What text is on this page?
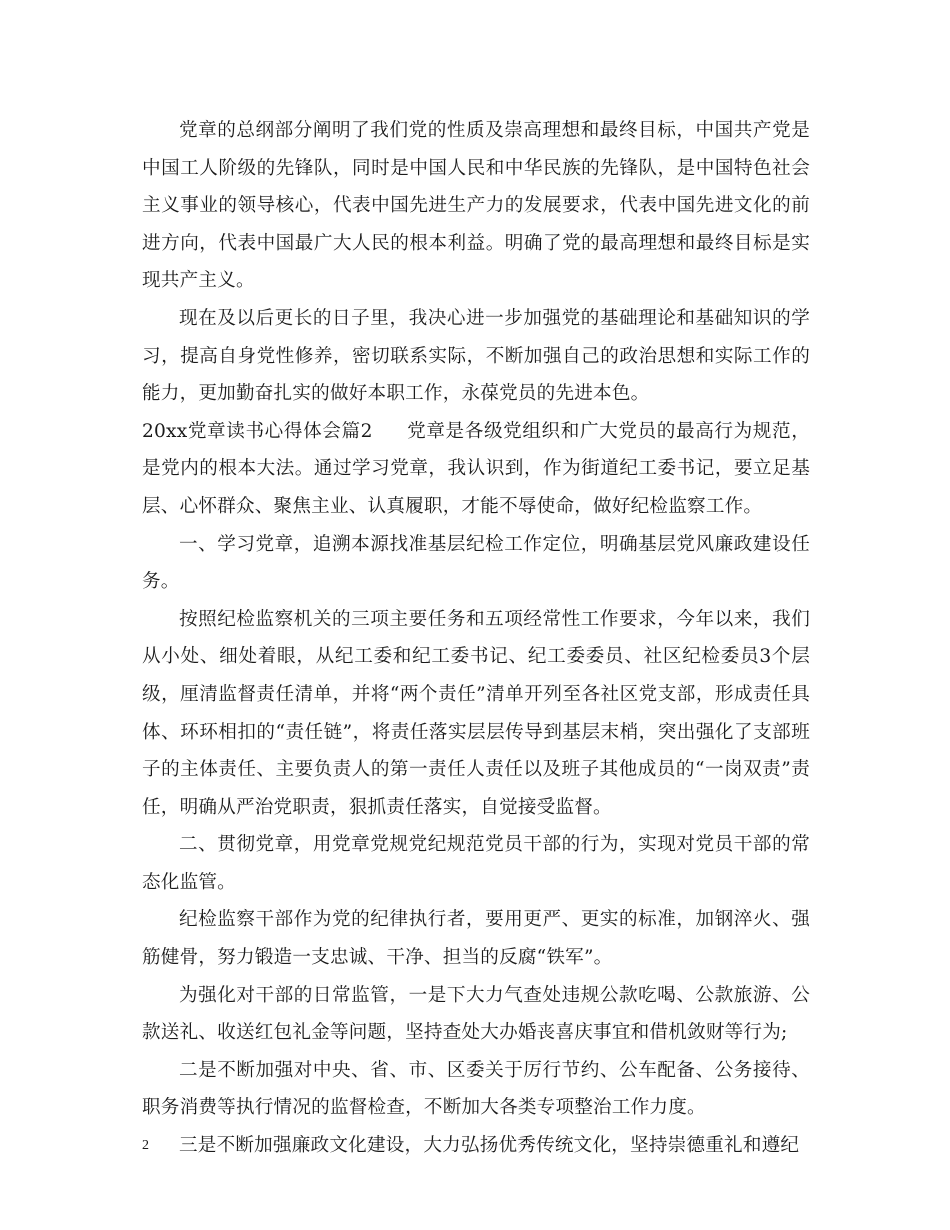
党章的总纲部分阐明了我们党的性质及崇高理想和最终目标，中国共产党是中国工人阶级的先锋队，同时是中国人民和中华民族的先锋队，是中国特色社会主义事业的领导核心，代表中国先进生产力的发展要求，代表中国先进文化的前进方向，代表中国最广大人民的根本利益。明确了党的最高理想和最终目标是实现共产主义。

现在及以后更长的日子里，我决心进一步加强党的基础理论和基础知识的学习，提高自身党性修养，密切联系实际，不断加强自己的政治思想和实际工作的能力，更加勤奋扎实的做好本职工作，永葆党员的先进本色。

20xx党章读书心得体会篇2 党章是各级党组织和广大党员的最高行为规范，是党内的根本大法。通过学习党章，我认识到，作为街道纪工委书记，要立足基层、心怀群众、聚焦主业、认真履职，才能不辱使命，做好纪检监察工作。

一、学习党章，追溯本源找准基层纪检工作定位，明确基层党风廉政建设任务。

按照纪检监察机关的三项主要任务和五项经常性工作要求，今年以来，我们从小处、细处着眼，从纪工委和纪工委书记、纪工委委员、社区纪检委员3个层级，厘清监督责任清单，并将“两个责任”清单开列至各社区党支部，形成责任具体、环环相扣的“责任链”，将责任落实层层传导到基层末梢，突出强化了支部班子的主体责任、主要负责人的第一责任人责任以及班子其他成员的“一岗双责”责任，明确从严治党职责，狠抓责任落实，自觉接受监督。

二、贯彻党章，用党章党规党纪规范党员干部的行为，实现对党员干部的常态化监管。

纪检监察干部作为党的纪律执行者，要用更严、更实的标准，加钢淬火、强筋健骨，努力锻造一支忠诚、干净、担当的反腐“铁军”。

为强化对干部的日常监管，一是下大力气查处违规公款吃喝、公款旅游、公款送礼、收送红包礼金等问题，坚持查处大办婚丧喜庆事宜和借机敛财等行为;

二是不断加强对中央、省、市、区委关于厉行节约、公车配备、公务接待、职务消费等执行情况的监督检查，不断加大各类专项整治工作力度。

三是不断加强廉政文化建设，大力弘扬优秀传统文化，坚持崇德重礼和遵纪

2
